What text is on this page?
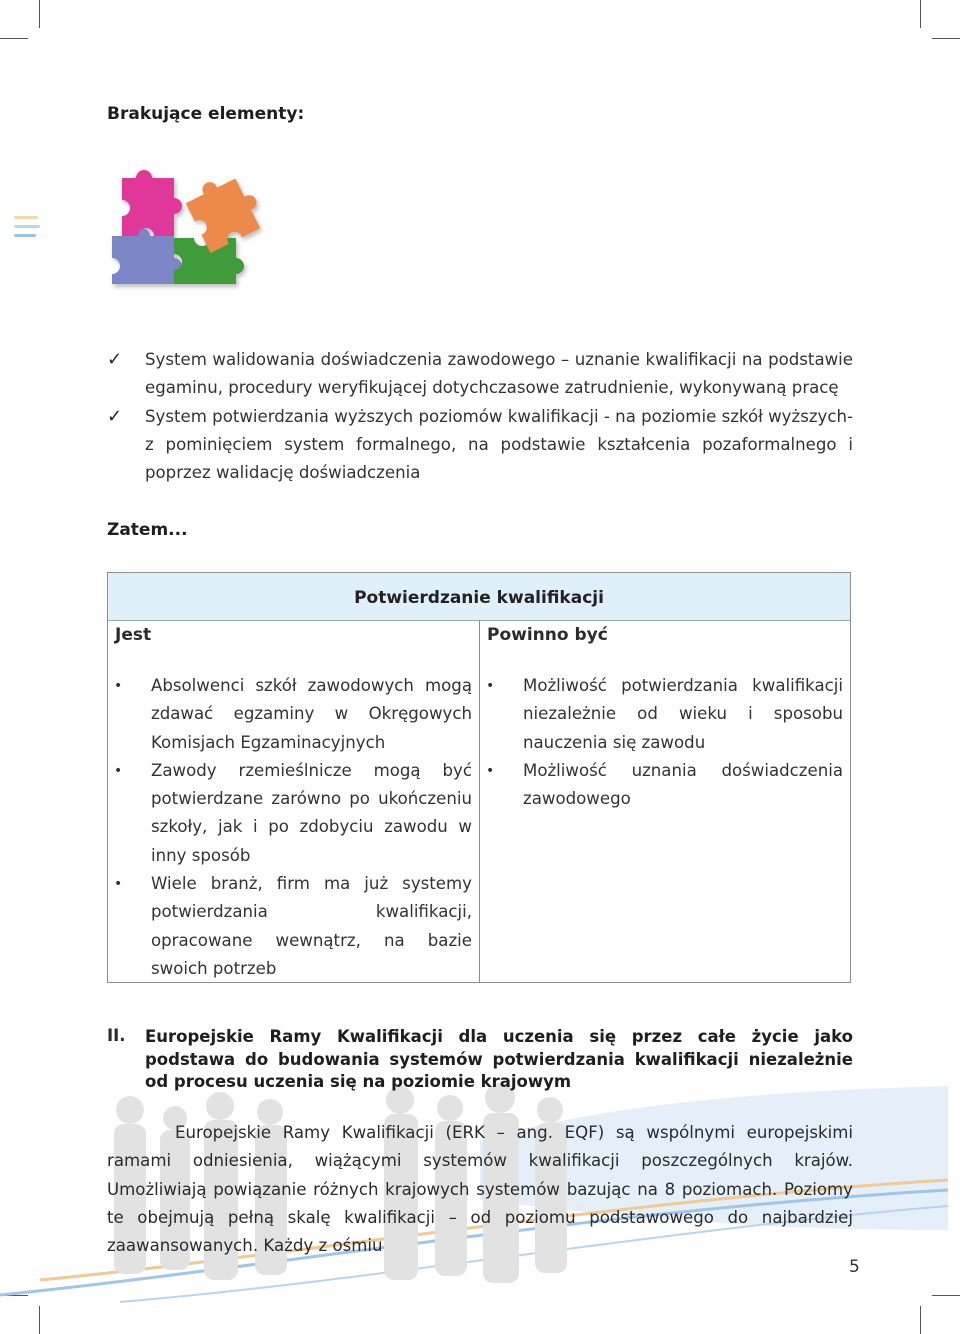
Brakujące elementy:
✓ System walidowania doświadczenia zawodowego – uznanie kwalifikacji na podstawie egaminu, procedury weryfikującej dotychczasowe zatrudnienie, wykonywaną pracę
✓ System potwierdzania wyższych poziomów kwalifikacji - na poziomie szkół wyższych- z pominięciem system formalnego, na podstawie kształcenia pozaformalnego i poprzez walidację doświadczenia
Zatem...
Potwierdzanie kwalifikacji
Jest	Powinno być
• Absolwenci szkół zawodowych mogą zdawać egzaminy w Okręgowych Komisjach Egzaminacyjnych
• Zawody rzemieślnicze mogą być potwierdzane zarówno po ukończeniu szkoły, jak i po zdobyciu zawodu w inny sposób
• Wiele branż, firm ma już systemy potwierdzania kwalifikacji, opracowane wewnątrz, na bazie swoich potrzeb
• Możliwość potwierdzania kwalifikacji niezależnie od wieku i sposobu nauczenia się zawodu
• Możliwość uznania doświadczenia zawodowego
II. Europejskie Ramy Kwalifikacji dla uczenia się przez całe życie jako podstawa do budowania systemów potwierdzania kwalifikacji niezależnie od procesu uczenia się na poziomie krajowym
Europejskie Ramy Kwalifikacji (ERK – ang. EQF) są wspólnymi europejskimi ramami odniesienia, wiążącymi systemów kwalifikacji poszczególnych krajów. Umożliwiają powiązanie różnych krajowych systemów bazując na 8 poziomach. Poziomy te obejmują pełną skalę kwalifikacji – od poziomu podstawowego do najbardziej zaawansowanych. Każdy z ośmiu
5
